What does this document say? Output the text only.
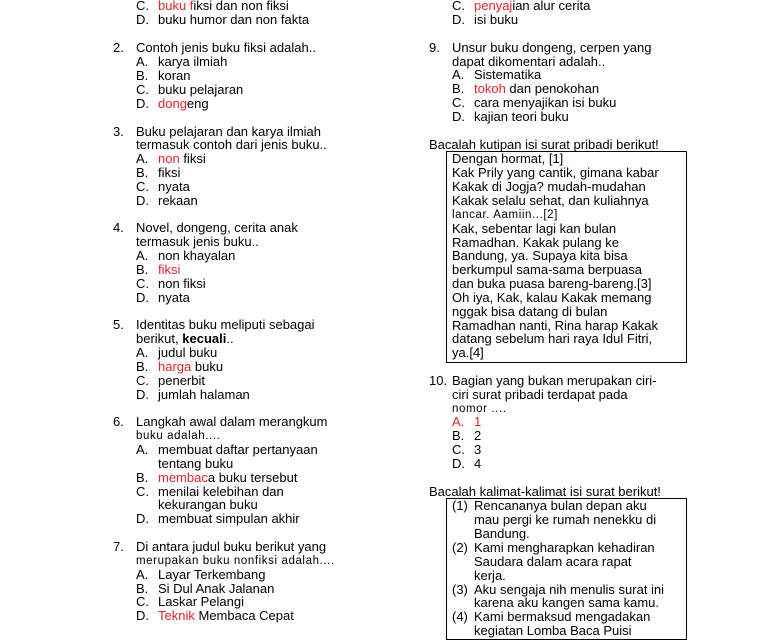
C. buku fiksi dan non fiksi
D. buku humor dan non fakta
2. Contoh jenis buku fiksi adalah..
A. karya ilmiah
B. koran
C. buku pelajaran
D. dongeng
3. Buku pelajaran dan karya ilmiah
termasuk contoh dari jenis buku..
A. non fiksi
B. fiksi
C. nyata
D. rekaan
4. Novel, dongeng, cerita anak
termasuk jenis buku..
A. non khayalan
B. fiksi
C. non fiksi
D. nyata
5. Identitas buku meliputi sebagai
berikut, kecuali..
A. judul buku
B. harga buku
C. penerbit
D. jumlah halaman
6. Langkah awal dalam merangkum
buku adalah....
A. membuat daftar pertanyaan
tentang buku
B. membaca buku tersebut
C. menilai kelebihan dan
kekurangan buku
D. membuat simpulan akhir
7. Di antara judul buku berikut yang
merupakan buku nonfiksi adalah....
A. Layar Terkembang
B. Si Dul Anak Jalanan
C. Laskar Pelangi
D. Teknik Membaca Cepat
C. penyajian alur cerita
D. isi buku
9. Unsur buku dongeng, cerpen yang
dapat dikomentari adalah..
A. Sistematika
B. tokoh dan penokohan
C. cara menyajikan isi buku
D. kajian teori buku
Bacalah kutipan isi surat pribadi berikut!
Dengan hormat, [1]
Kak Prily yang cantik, gimana kabar
Kakak di Jogja? mudah-mudahan
Kakak selalu sehat, dan kuliahnya
lancar. Aamiin...[2]
Kak, sebentar lagi kan bulan
Ramadhan. Kakak pulang ke
Bandung, ya. Supaya kita bisa
berkumpul sama-sama berpuasa
dan buka puasa bareng-bareng.[3]
Oh iya, Kak, kalau Kakak memang
nggak bisa datang di bulan
Ramadhan nanti, Rina harap Kakak
datang sebelum hari raya Idul Fitri,
ya.[4]
10. Bagian yang bukan merupakan ciri-
ciri surat pribadi terdapat pada
nomor ....
A. 1
B. 2
C. 3
D. 4
Bacalah kalimat-kalimat isi surat berikut!
(1) Rencananya bulan depan aku
mau pergi ke rumah nenekku di
Bandung.
(2) Kami mengharapkan kehadiran
Saudara dalam acara rapat
kerja.
(3) Aku sengaja nih menulis surat ini
karena aku kangen sama kamu.
(4) Kami bermaksud mengadakan
kegiatan Lomba Baca Puisi
